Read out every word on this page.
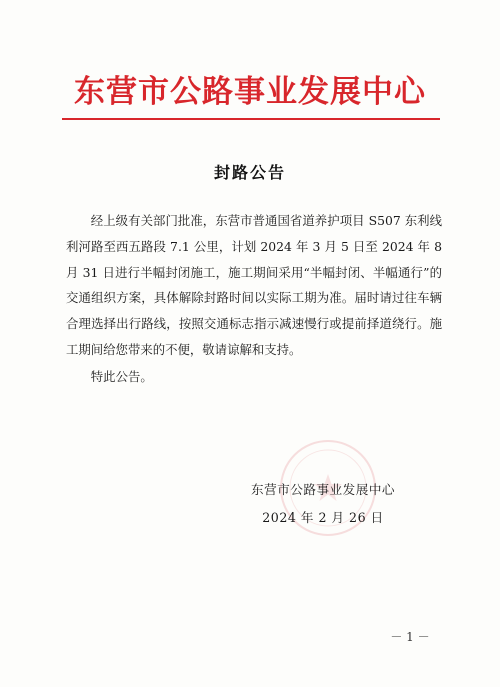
东营市公路事业发展中心
封路公告

经上级有关部门批准，东营市普通国省道养护项目 S507 东利线利河路至西五路段 7.1 公里，计划 2024 年 3 月 5 日至 2024 年 8 月 31 日进行半幅封闭施工，施工期间采用“半幅封闭、半幅通行”的交通组织方案，具体解除封路时间以实际工期为准。届时请过往车辆合理选择出行路线，按照交通标志指示减速慢行或提前择道绕行。施工期间给您带来的不便，敬请谅解和支持。

特此公告。
东营市公路事业发展中心
2024 年 2 月 26 日
－ 1 －
